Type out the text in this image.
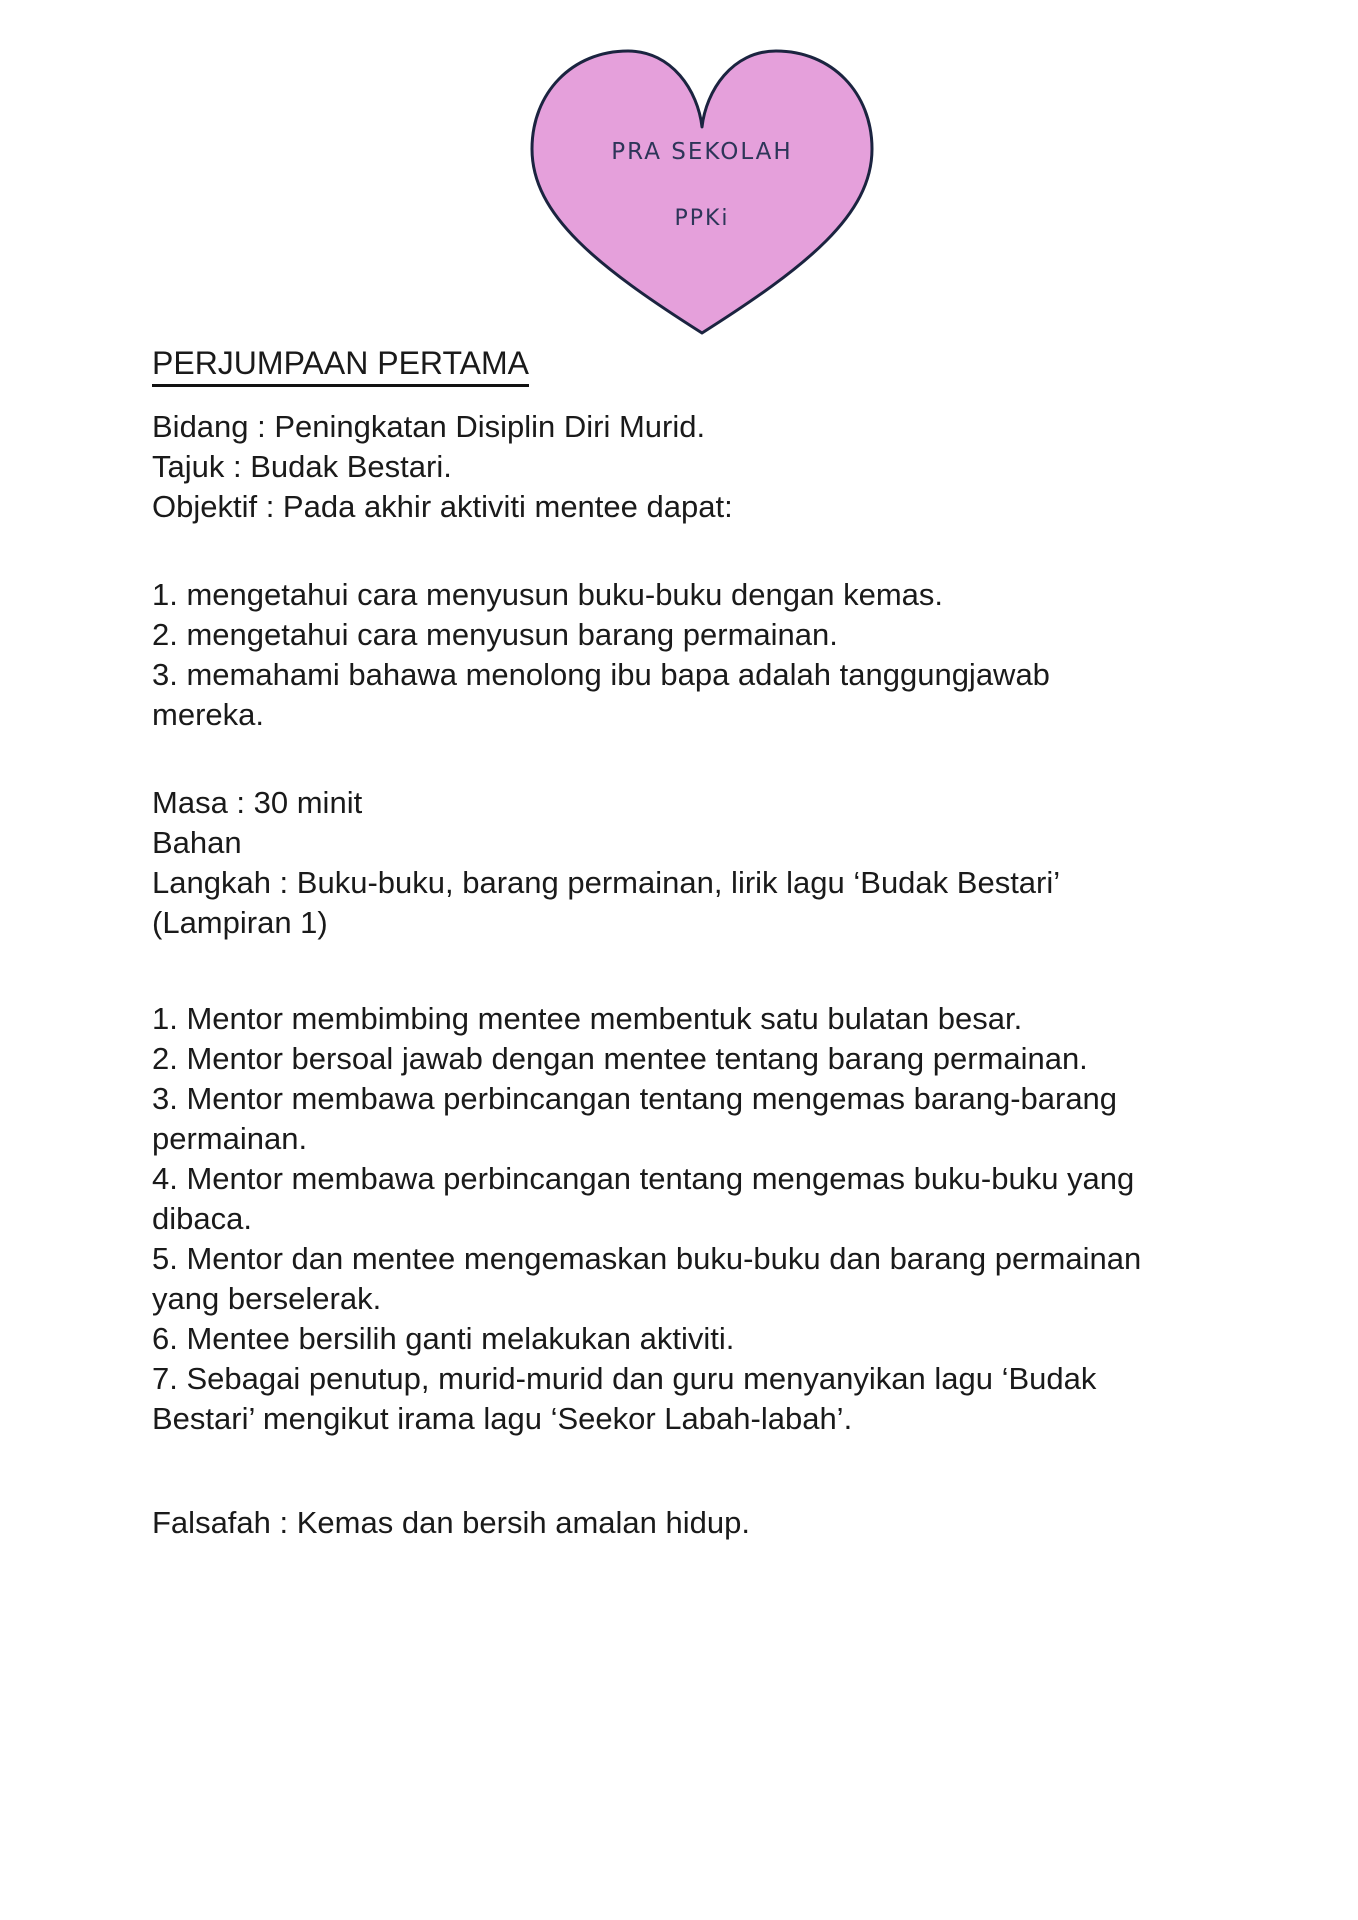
PRA SEKOLAH
PPKi
PERJUMPAAN PERTAMA
Bidang : Peningkatan Disiplin Diri Murid.
Tajuk : Budak Bestari.
Objektif : Pada akhir aktiviti mentee dapat:
1. mengetahui cara menyusun buku-buku dengan kemas.
2. mengetahui cara menyusun barang permainan.
3. memahami bahawa menolong ibu bapa adalah tanggungjawab
mereka.
Masa : 30 minit
Bahan
Langkah : Buku-buku, barang permainan, lirik lagu ‘Budak Bestari’
(Lampiran 1)
1. Mentor membimbing mentee membentuk satu bulatan besar.
2. Mentor bersoal jawab dengan mentee tentang barang permainan.
3. Mentor membawa perbincangan tentang mengemas barang-barang
permainan.
4. Mentor membawa perbincangan tentang mengemas buku-buku yang
dibaca.
5. Mentor dan mentee mengemaskan buku-buku dan barang permainan
yang berselerak.
6. Mentee bersilih ganti melakukan aktiviti.
7. Sebagai penutup, murid-murid dan guru menyanyikan lagu ‘Budak
Bestari’ mengikut irama lagu ‘Seekor Labah-labah’.
Falsafah : Kemas dan bersih amalan hidup.
